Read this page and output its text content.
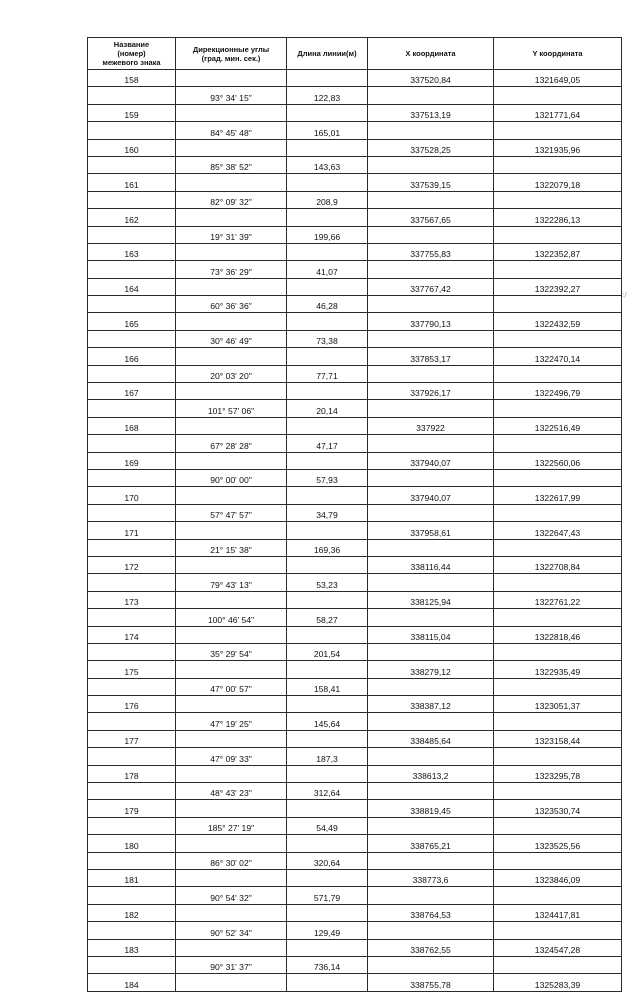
Название
(номер)
межевого знака	Дирекционные углы
(град. мин. сек.)	Длина линии(м)	Х координата	Y координата

158			337520,84	1321649,05
	93° 34' 15"	122,83		
159			337513,19	1321771,64
	84° 45' 48"	165,01		
160			337528,25	1321935,96
	85° 38' 52"	143,63		
161			337539,15	1322079,18
	82° 09' 32"	208,9		
162			337567,65	1322286,13
	19° 31' 39"	199,66		
163			337755,83	1322352,87
	73° 36' 29"	41,07		
164			337767,42	1322392,27
	60° 36' 36"	46,28		
165			337790,13	1322432,59
	30° 46' 49"	73,38		
166			337853,17	1322470,14
	20° 03' 20"	77,71		
167			337926,17	1322496,79
	101° 57' 06"	20,14		
168			337922	1322516,49
	67° 28' 28"	47,17		
169			337940,07	1322560,06
	90° 00' 00"	57,93		
170			337940,07	1322617,99
	57° 47' 57"	34,79		
171			337958,61	1322647,43
	21° 15' 38"	169,36		
172			338116,44	1322708,84
	79° 43' 13"	53,23		
173			338125,94	1322761,22
	100° 46' 54"	58,27		
174			338115,04	1322818,46
	35° 29' 54"	201,54		
175			338279,12	1322935,49
	47° 00' 57"	158,41		
176			338387,12	1323051,37
	47° 19' 25"	145,64		
177			338485,64	1323158,44
	47° 09' 33"	187,3		
178			338613,2	1323295,78
	48° 43' 23"	312,64		
179			338819,45	1323530,74
	185° 27' 19"	54,49		
180			338765,21	1323525,56
	86° 30' 02"	320,64		
181			338773,6	1323846,09
	90° 54' 32"	571,79		
182			338764,53	1324417,81
	90° 52' 34"	129,49		
183			338762,55	1324547,28
	90° 31' 37"	736,14		
184			338755,78	1325283,39
:/
